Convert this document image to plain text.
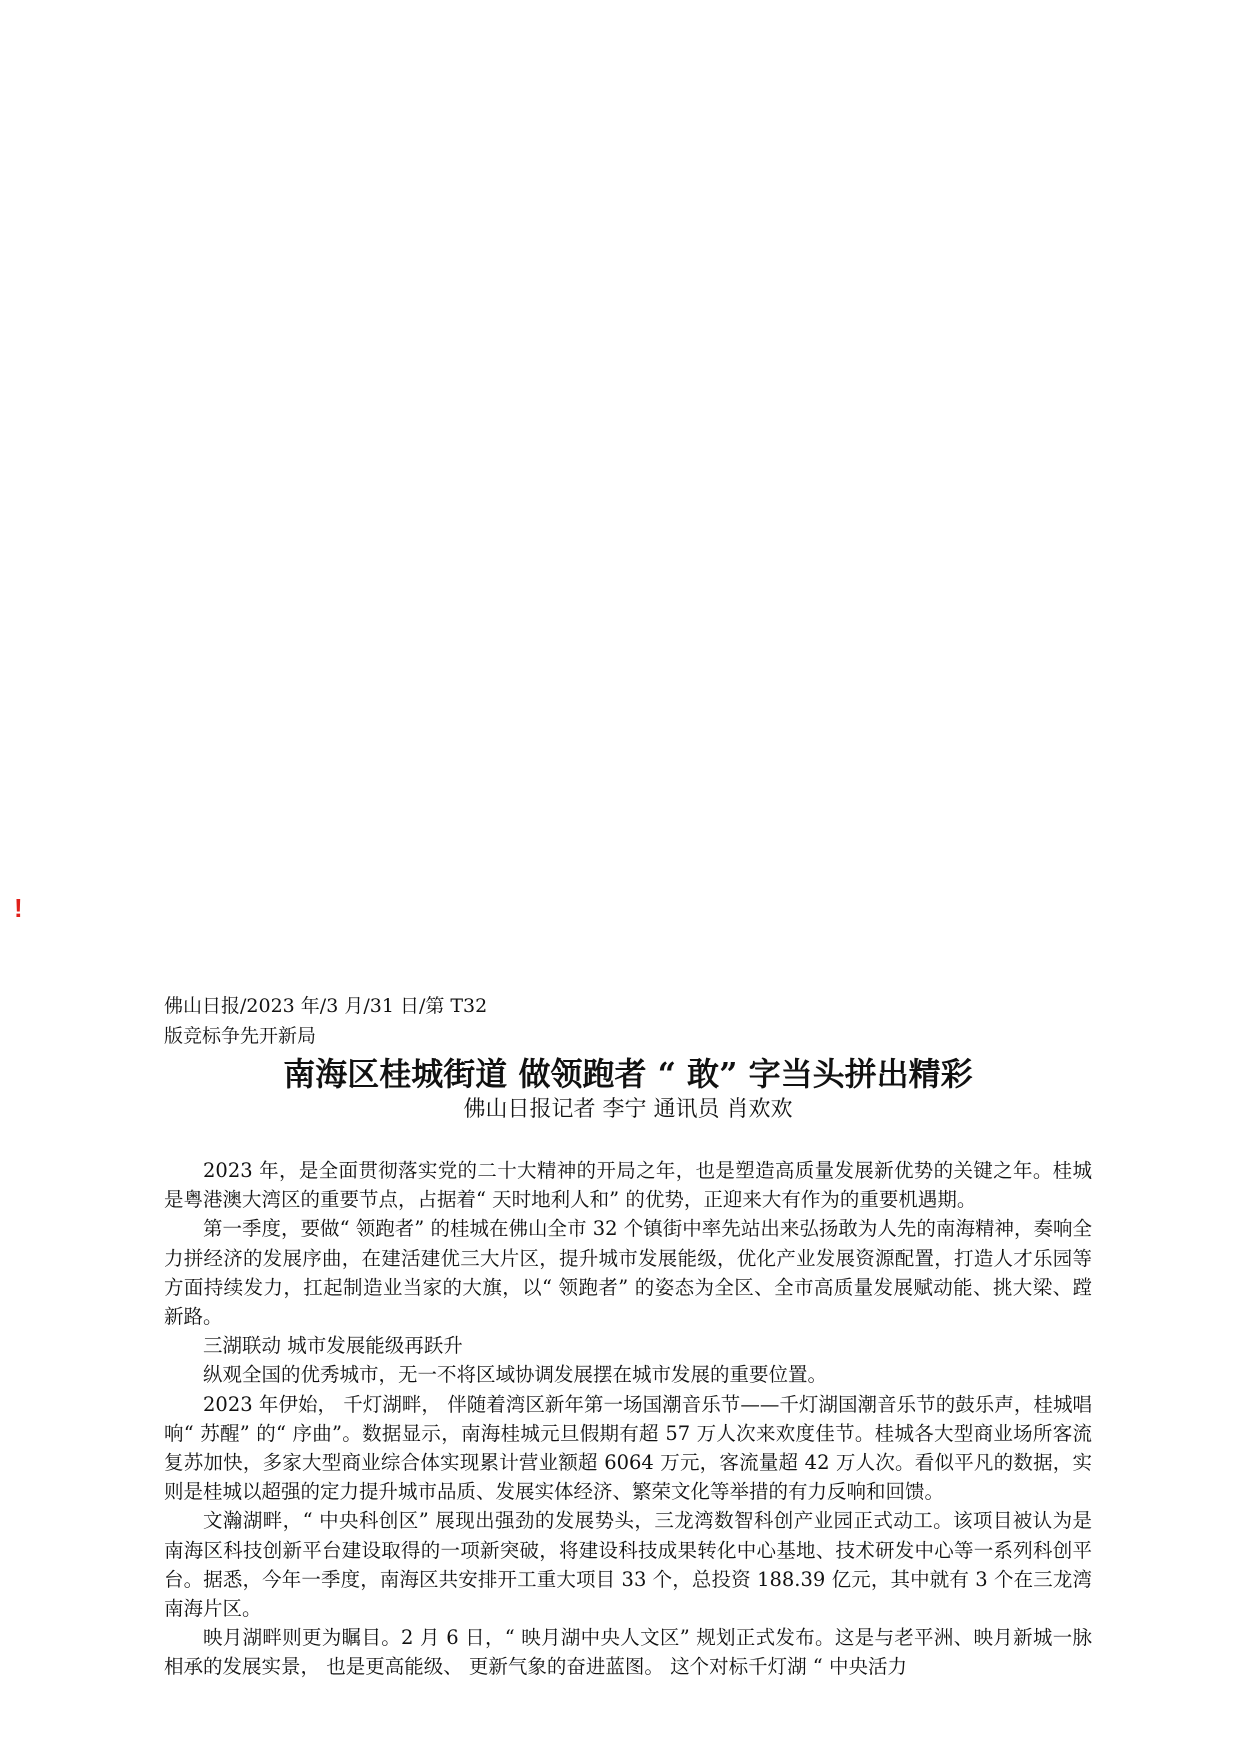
!
佛山日报/2023 年/3 月/31 日/第 T32
版竞标争先开新局
南海区桂城街道 做领跑者 “ 敢” 字当头拼出精彩
佛山日报记者 李宁 通讯员 肖欢欢

2023 年，是全面贯彻落实党的二十大精神的开局之年，也是塑造高质量发展新优势的关键之年。桂城是粤港澳大湾区的重要节点，占据着“ 天时地利人和” 的优势，正迎来大有作为的重要机遇期。

第一季度，要做“ 领跑者” 的桂城在佛山全市 32 个镇街中率先站出来弘扬敢为人先的南海精神，奏响全力拼经济的发展序曲，在建活建优三大片区，提升城市发展能级，优化产业发展资源配置，打造人才乐园等方面持续发力，扛起制造业当家的大旗，以“ 领跑者” 的姿态为全区、全市高质量发展赋动能、挑大梁、蹚新路。

三湖联动 城市发展能级再跃升

纵观全国的优秀城市，无一不将区域协调发展摆在城市发展的重要位置。

2023 年伊始， 千灯湖畔， 伴随着湾区新年第一场国潮音乐节——千灯湖国潮音乐节的鼓乐声，桂城唱响“ 苏醒” 的“ 序曲”。数据显示，南海桂城元旦假期有超 57 万人次来欢度佳节。桂城各大型商业场所客流复苏加快，多家大型商业综合体实现累计营业额超 6064 万元，客流量超 42 万人次。看似平凡的数据，实则是桂城以超强的定力提升城市品质、发展实体经济、繁荣文化等举措的有力反响和回馈。

文瀚湖畔，“ 中央科创区” 展现出强劲的发展势头，三龙湾数智科创产业园正式动工。该项目被认为是南海区科技创新平台建设取得的一项新突破，将建设科技成果转化中心基地、技术研发中心等一系列科创平台。据悉，今年一季度，南海区共安排开工重大项目 33 个，总投资 188.39 亿元，其中就有 3 个在三龙湾南海片区。

映月湖畔则更为瞩目。2 月 6 日，“ 映月湖中央人文区” 规划正式发布。这是与老平洲、映月新城一脉相承的发展实景， 也是更高能级、 更新气象的奋进蓝图。 这个对标千灯湖 “ 中央活力
